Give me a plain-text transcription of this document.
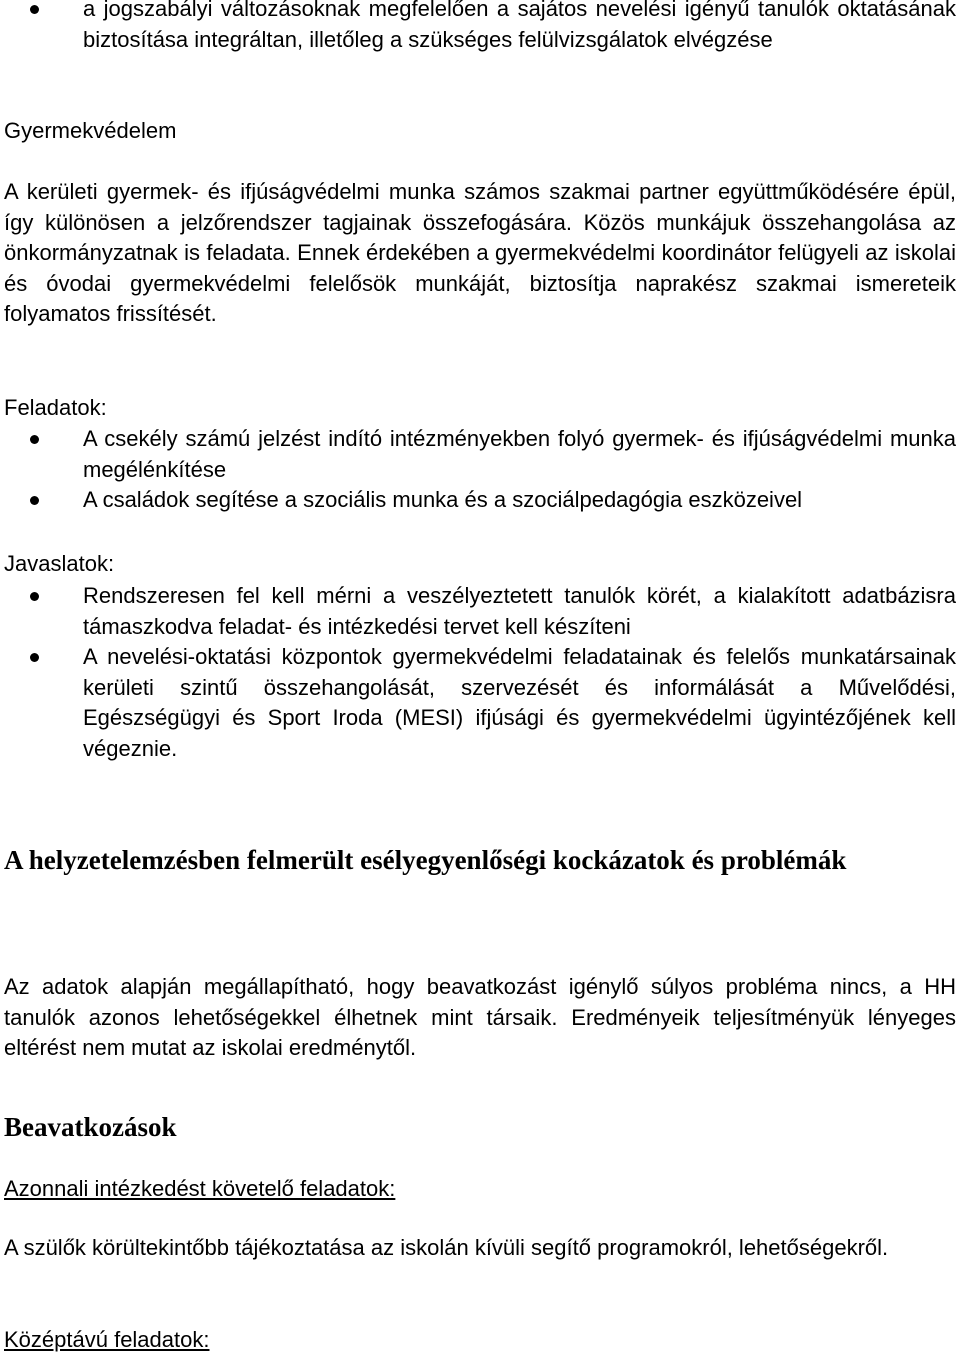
a jogszabályi változásoknak megfelelően a sajátos nevelési igényű tanulók oktatásának biztosítása integráltan, illetőleg a szükséges felülvizsgálatok elvégzése
Gyermekvédelem
A kerületi gyermek- és ifjúságvédelmi munka számos szakmai partner együttműködésére épül, így különösen a jelzőrendszer tagjainak összefogására. Közös munkájuk összehangolása az önkormányzatnak is feladata. Ennek érdekében a gyermekvédelmi koordinátor felügyeli az iskolai és óvodai gyermekvédelmi felelősök munkáját, biztosítja naprakész szakmai ismereteik folyamatos frissítését.
Feladatok:
A csekély számú jelzést indító intézményekben folyó gyermek- és ifjúságvédelmi munka megélénkítése
A családok segítése a szociális munka és a szociálpedagógia eszközeivel
Javaslatok:
Rendszeresen fel kell mérni a veszélyeztetett tanulók körét, a kialakított adatbázisra támaszkodva feladat- és intézkedési tervet kell készíteni
A nevelési-oktatási központok gyermekvédelmi feladatainak és felelős munkatársainak kerületi szintű összehangolását, szervezését és informálását a Művelődési, Egészségügyi és Sport Iroda (MESI) ifjúsági és gyermekvédelmi ügyintézőjének kell végeznie.
A helyzetelemzésben felmerült esélyegyenlőségi kockázatok és problémák
Az adatok alapján megállapítható, hogy beavatkozást igénylő súlyos probléma nincs, a HH tanulók azonos lehetőségekkel élhetnek mint társaik. Eredményeik teljesítményük lényeges eltérést nem mutat az iskolai eredménytől.
Beavatkozások
Azonnali intézkedést követelő feladatok:
A szülők körültekintőbb tájékoztatása az iskolán kívüli segítő programokról, lehetőségekről.
Középtávú feladatok:
